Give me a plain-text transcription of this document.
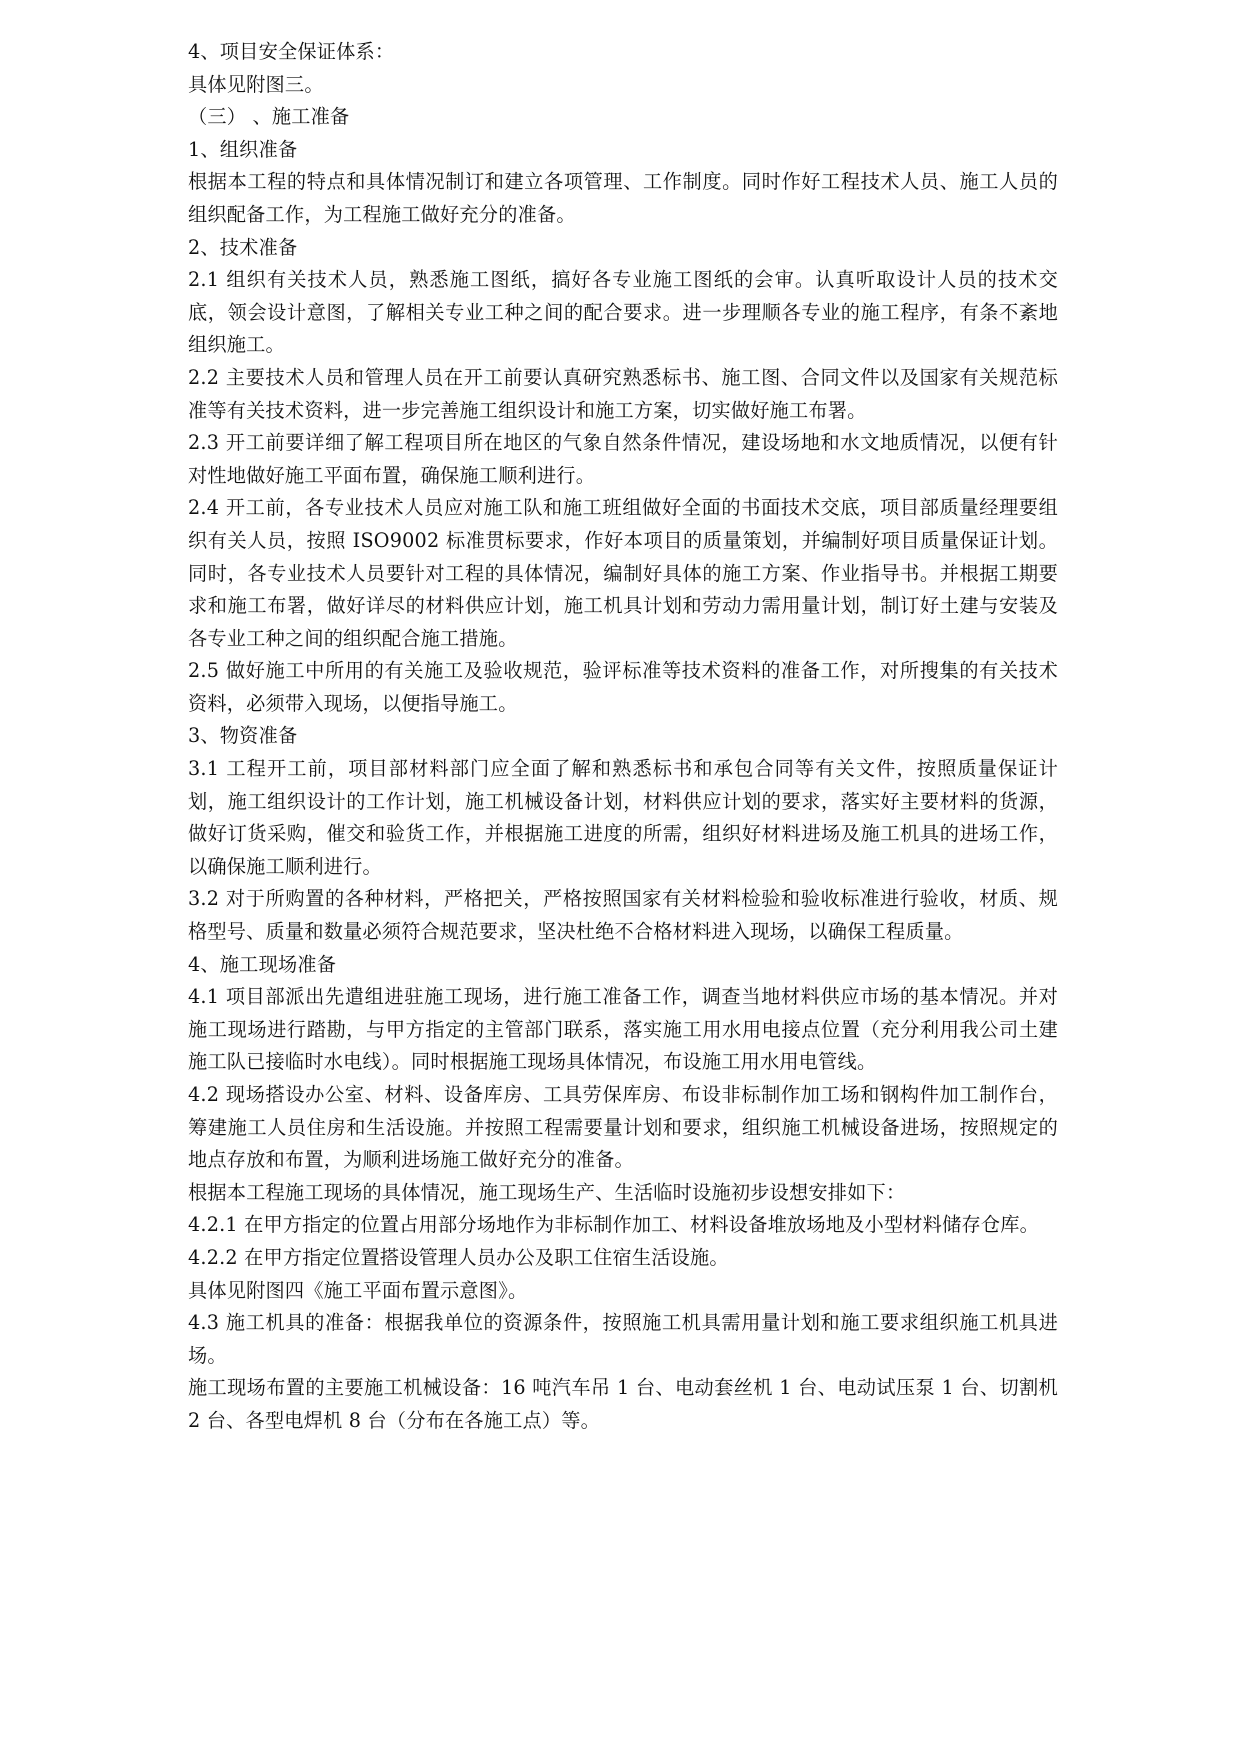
4、项目安全保证体系：

具体见附图三。

（三） 、施工准备

1、组织准备

根据本工程的特点和具体情况制订和建立各项管理、工作制度。同时作好工程技术人员、施工人员的组织配备工作，为工程施工做好充分的准备。

2、技术准备

2.1 组织有关技术人员，熟悉施工图纸，搞好各专业施工图纸的会审。认真听取设计人员的技术交底，领会设计意图，了解相关专业工种之间的配合要求。进一步理顺各专业的施工程序，有条不紊地组织施工。

2.2 主要技术人员和管理人员在开工前要认真研究熟悉标书、施工图、合同文件以及国家有关规范标准等有关技术资料，进一步完善施工组织设计和施工方案，切实做好施工布署。

2.3 开工前要详细了解工程项目所在地区的气象自然条件情况，建设场地和水文地质情况，以便有针对性地做好施工平面布置，确保施工顺利进行。

2.4 开工前，各专业技术人员应对施工队和施工班组做好全面的书面技术交底，项目部质量经理要组织有关人员，按照 ISO9002 标准贯标要求，作好本项目的质量策划，并编制好项目质量保证计划。同时，各专业技术人员要针对工程的具体情况，编制好具体的施工方案、作业指导书。并根据工期要求和施工布署，做好详尽的材料供应计划，施工机具计划和劳动力需用量计划，制订好土建与安装及各专业工种之间的组织配合施工措施。

2.5 做好施工中所用的有关施工及验收规范，验评标准等技术资料的准备工作，对所搜集的有关技术资料，必须带入现场，以便指导施工。

3、物资准备

3.1 工程开工前，项目部材料部门应全面了解和熟悉标书和承包合同等有关文件，按照质量保证计划，施工组织设计的工作计划，施工机械设备计划，材料供应计划的要求，落实好主要材料的货源，做好订货采购，催交和验货工作，并根据施工进度的所需，组织好材料进场及施工机具的进场工作，以确保施工顺利进行。

3.2 对于所购置的各种材料，严格把关，严格按照国家有关材料检验和验收标准进行验收，材质、规格型号、质量和数量必须符合规范要求，坚决杜绝不合格材料进入现场，以确保工程质量。

4、施工现场准备

4.1 项目部派出先遣组进驻施工现场，进行施工准备工作，调查当地材料供应市场的基本情况。并对施工现场进行踏勘，与甲方指定的主管部门联系，落实施工用水用电接点位置（充分利用我公司土建施工队已接临时水电线）。同时根据施工现场具体情况，布设施工用水用电管线。

4.2 现场搭设办公室、材料、设备库房、工具劳保库房、布设非标制作加工场和钢构件加工制作台，筹建施工人员住房和生活设施。并按照工程需要量计划和要求，组织施工机械设备进场，按照规定的地点存放和布置，为顺利进场施工做好充分的准备。

根据本工程施工现场的具体情况，施工现场生产、生活临时设施初步设想安排如下：

4.2.1 在甲方指定的位置占用部分场地作为非标制作加工、材料设备堆放场地及小型材料储存仓库。

4.2.2 在甲方指定位置搭设管理人员办公及职工住宿生活设施。

具体见附图四《施工平面布置示意图》。

4.3 施工机具的准备：根据我单位的资源条件，按照施工机具需用量计划和施工要求组织施工机具进场。

施工现场布置的主要施工机械设备：16 吨汽车吊 1 台、电动套丝机 1 台、电动试压泵 1 台、切割机 2 台、各型电焊机 8 台（分布在各施工点）等。
